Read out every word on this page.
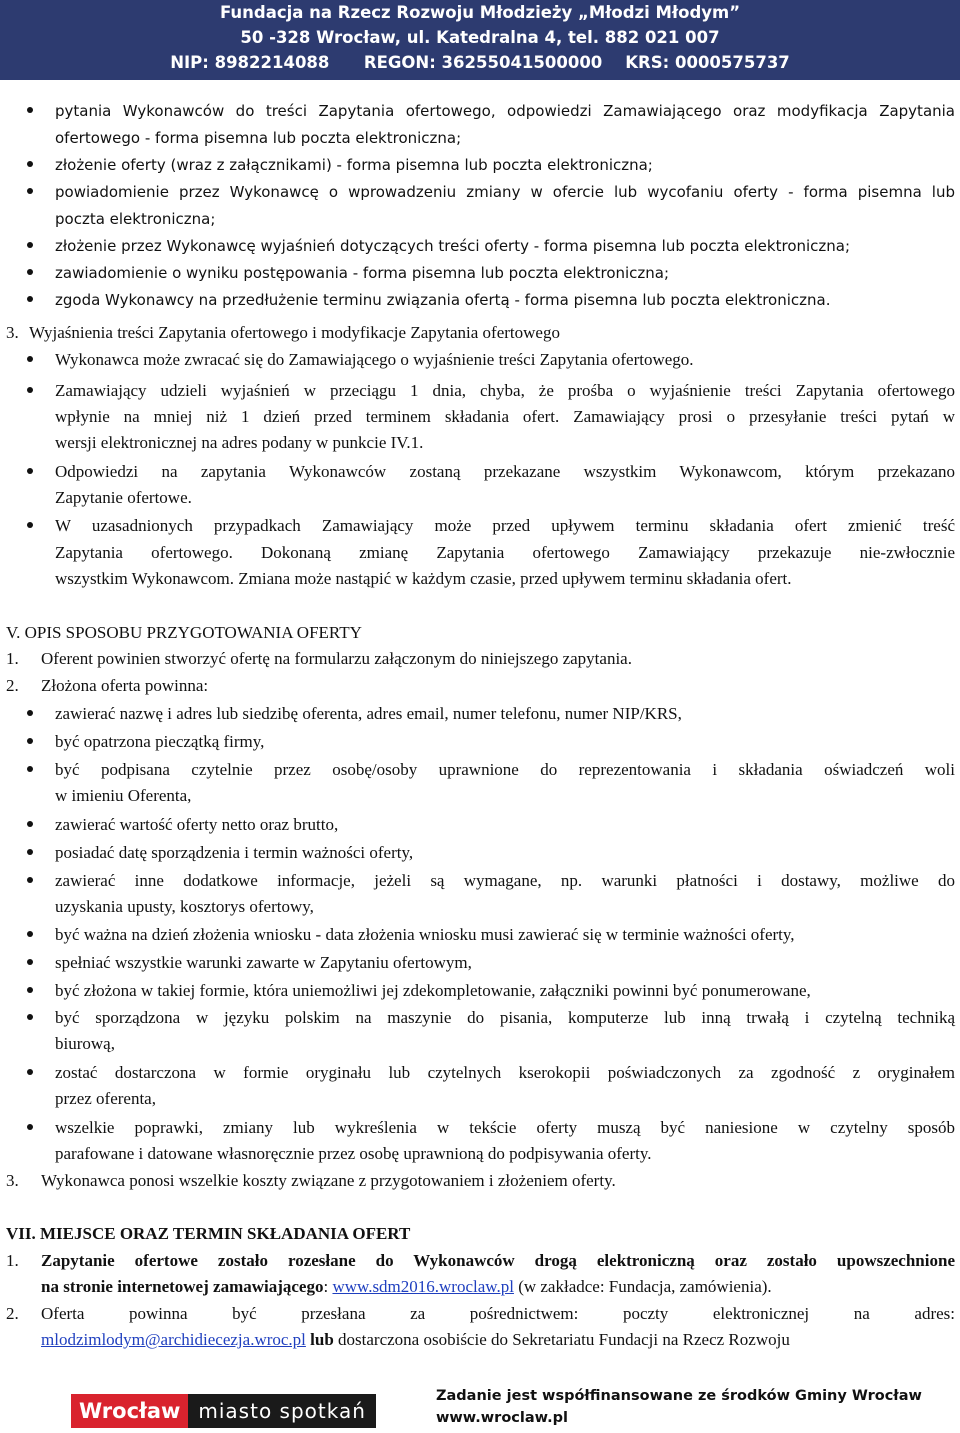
Fundacja na Rzecz Rozwoju Młodzieży „Młodzi Młodym”
50 -328 Wrocław, ul. Katedralna 4, tel. 882 021 007
NIP: 8982214088      REGON: 36255041500000    KRS: 0000575737
pytania Wykonawców do treści Zapytania ofertowego, odpowiedzi Zamawiającego oraz modyfikacja Zapytania
ofertowego - forma pisemna lub poczta elektroniczna;
złożenie oferty (wraz z załącznikami) - forma pisemna lub poczta elektroniczna;
powiadomienie przez Wykonawcę o wprowadzeniu zmiany w ofercie lub wycofaniu oferty - forma pisemna lub
poczta elektroniczna;
złożenie przez Wykonawcę wyjaśnień dotyczących treści oferty - forma pisemna lub poczta elektroniczna;
zawiadomienie o wyniku postępowania - forma pisemna lub poczta elektroniczna;
zgoda Wykonawcy na przedłużenie terminu związania ofertą - forma pisemna lub poczta elektroniczna.
3. Wyjaśnienia treści Zapytania ofertowego i modyfikacje Zapytania ofertowego
Wykonawca może zwracać się do Zamawiającego o wyjaśnienie treści Zapytania ofertowego.
Zamawiający udzieli wyjaśnień w przeciągu 1 dnia, chyba, że prośba o wyjaśnienie treści Zapytania ofertowego
wpłynie na mniej niż 1 dzień przed terminem składania ofert. Zamawiający prosi o przesyłanie treści pytań w
wersji elektronicznej na adres podany w punkcie IV.1.
Odpowiedzi na zapytania Wykonawców zostaną przekazane wszystkim Wykonawcom, którym przekazano
Zapytanie ofertowe.
W uzasadnionych przypadkach Zamawiający może przed upływem terminu składania ofert zmienić treść
Zapytania ofertowego. Dokonaną zmianę Zapytania ofertowego Zamawiający przekazuje nie-zwłocznie
wszystkim Wykonawcom. Zmiana może nastąpić w każdym czasie, przed upływem terminu składania ofert.
V. OPIS SPOSOBU PRZYGOTOWANIA OFERTY
1. Oferent powinien stworzyć ofertę na formularzu załączonym do niniejszego zapytania.
2. Złożona oferta powinna:
zawierać nazwę i adres lub siedzibę oferenta, adres email, numer telefonu, numer NIP/KRS,
być opatrzona pieczątką firmy,
być podpisana czytelnie przez osobę/osoby uprawnione do reprezentowania i składania oświadczeń woli
w imieniu Oferenta,
zawierać wartość oferty netto oraz brutto,
posiadać datę sporządzenia i termin ważności oferty,
zawierać inne dodatkowe informacje, jeżeli są wymagane, np. warunki płatności i dostawy, możliwe do
uzyskania upusty, kosztorys ofertowy,
być ważna na dzień złożenia wniosku - data złożenia wniosku musi zawierać się w terminie ważności oferty,
spełniać wszystkie warunki zawarte w Zapytaniu ofertowym,
być złożona w takiej formie, która uniemożliwi jej zdekompletowanie, załączniki powinni być ponumerowane,
być sporządzona w języku polskim na maszynie do pisania, komputerze lub inną trwałą i czytelną techniką
biurową,
zostać dostarczona w formie oryginału lub czytelnych kserokopii poświadczonych za zgodność z oryginałem
przez oferenta,
wszelkie poprawki, zmiany lub wykreślenia w tekście oferty muszą być naniesione w czytelny sposób
parafowane i datowane własnoręcznie przez osobę uprawnioną do podpisywania oferty.
3. Wykonawca ponosi wszelkie koszty związane z przygotowaniem i złożeniem oferty.
VII. MIEJSCE ORAZ TERMIN SKŁADANIA OFERT
1. Zapytanie ofertowe zostało rozesłane do Wykonawców drogą elektroniczną oraz zostało upowszechnione
na stronie internetowej zamawiającego: www.sdm2016.wroclaw.pl (w zakładce: Fundacja, zamówienia).
2. Oferta powinna być przesłana za pośrednictwem: poczty elektronicznej na adres:
mlodzimlodym@archidiecezja.wroc.pl lub dostarczona osobiście do Sekretariatu Fundacji na Rzecz Rozwoju
Wrocław miasto spotkań
Zadanie jest współfinansowane ze środków Gminy Wrocław
www.wroclaw.pl
